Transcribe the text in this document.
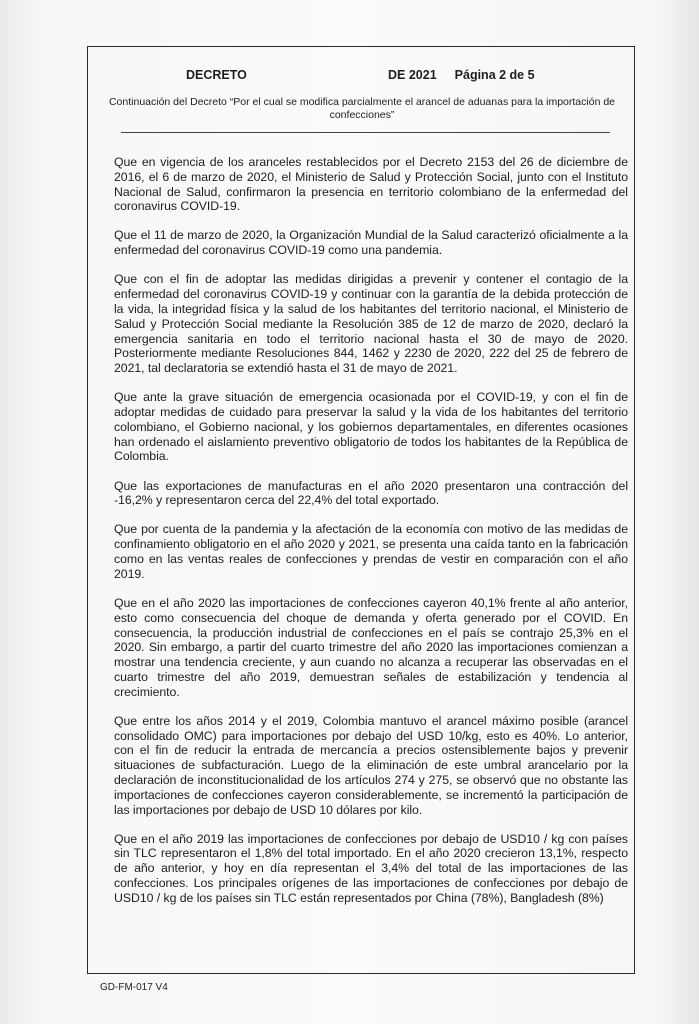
DECRETO	DE 2021 Página 2 de 5
Continuación del Decreto “Por el cual se modifica parcialmente el arancel de aduanas para la importación de confecciones”

Que en vigencia de los aranceles restablecidos por el Decreto 2153 del 26 de diciembre de 2016, el 6 de marzo de 2020, el Ministerio de Salud y Protección Social, junto con el Instituto Nacional de Salud, confirmaron la presencia en territorio colombiano de la enfermedad del coronavirus COVID-19.

Que el 11 de marzo de 2020, la Organización Mundial de la Salud caracterizó oficialmente a la enfermedad del coronavirus COVID-19 como una pandemia.

Que con el fin de adoptar las medidas dirigidas a prevenir y contener el contagio de la enfermedad del coronavirus COVID-19 y continuar con la garantía de la debida protección de la vida, la integridad física y la salud de los habitantes del territorio nacional, el Ministerio de Salud y Protección Social mediante la Resolución 385 de 12 de marzo de 2020, declaró la emergencia sanitaria en todo el territorio nacional hasta el 30 de mayo de 2020. Posteriormente mediante Resoluciones 844, 1462 y 2230 de 2020, 222 del 25 de febrero de 2021, tal declaratoria se extendió hasta el 31 de mayo de 2021.

Que ante la grave situación de emergencia ocasionada por el COVID-19, y con el fin de adoptar medidas de cuidado para preservar la salud y la vida de los habitantes del territorio colombiano, el Gobierno nacional, y los gobiernos departamentales, en diferentes ocasiones han ordenado el aislamiento preventivo obligatorio de todos los habitantes de la República de Colombia.

Que las exportaciones de manufacturas en el año 2020 presentaron una contracción del -16,2% y representaron cerca del 22,4% del total exportado.

Que por cuenta de la pandemia y la afectación de la economía con motivo de las medidas de confinamiento obligatorio en el año 2020 y 2021, se presenta una caída tanto en la fabricación como en las ventas reales de confecciones y prendas de vestir en comparación con el año 2019.

Que en el año 2020 las importaciones de confecciones cayeron 40,1% frente al año anterior, esto como consecuencia del choque de demanda y oferta generado por el COVID. En consecuencia, la producción industrial de confecciones en el país se contrajo 25,3% en el 2020. Sin embargo, a partir del cuarto trimestre del año 2020 las importaciones comienzan a mostrar una tendencia creciente, y aun cuando no alcanza a recuperar las observadas en el cuarto trimestre del año 2019, demuestran señales de estabilización y tendencia al crecimiento.

Que entre los años 2014 y el 2019, Colombia mantuvo el arancel máximo posible (arancel consolidado OMC) para importaciones por debajo del USD 10/kg, esto es 40%. Lo anterior, con el fin de reducir la entrada de mercancía a precios ostensiblemente bajos y prevenir situaciones de subfacturación. Luego de la eliminación de este umbral arancelario por la declaración de inconstitucionalidad de los artículos 274 y 275, se observó que no obstante las importaciones de confecciones cayeron considerablemente, se incrementó la participación de las importaciones por debajo de USD 10 dólares por kilo.

Que en el año 2019 las importaciones de confecciones por debajo de USD10 / kg con países sin TLC representaron el 1,8% del total importado. En el año 2020 crecieron 13,1%, respecto de año anterior, y hoy en día representan el 3,4% del total de las importaciones de las confecciones. Los principales orígenes de las importaciones de confecciones por debajo de USD10 / kg de los países sin TLC están representados por China (78%), Bangladesh (8%)

GD-FM-017 V4
